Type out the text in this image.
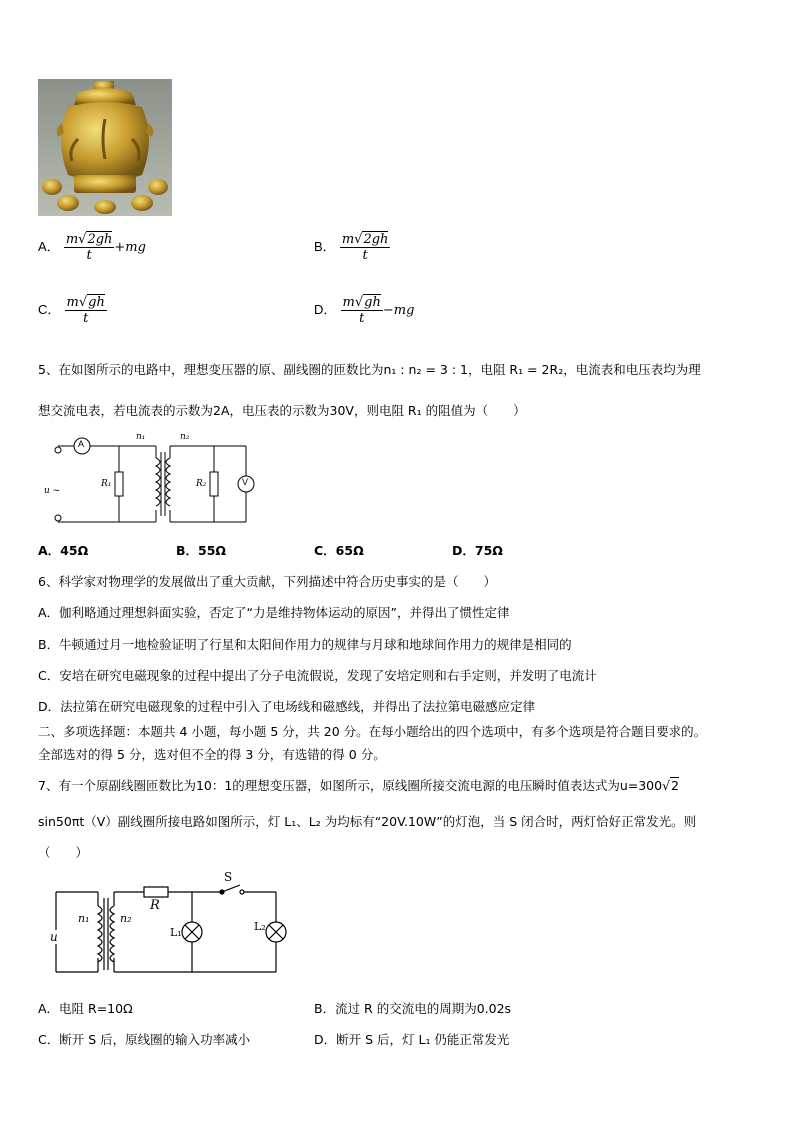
A． $\frac{m√2gh}{t} +mg$	B． $\frac{m√2gh}{t}$
C． $\frac{m√gh}{t}$	D． $\frac{m√gh}{t} -mg$
5、在如图所示的电路中，理想变压器的原、副线圈的匝数比为n₁ : n₂ = 3 : 1，电阻 R₁ = 2R₂，电流表和电压表均为理
想交流电表，若电流表的示数为2A，电压表的示数为30V，则电阻 R₁ 的阻值为（　　）
A
V
n₁	n₂
R₁	R₂
u ~
A．45Ω	B．55Ω	C．65Ω	D．75Ω
6、科学家对物理学的发展做出了重大贡献，下列描述中符合历史事实的是（　　）
A．伽利略通过理想斜面实验，否定了“力是维持物体运动的原因”，并得出了惯性定律
B．牛顿通过月一地检验证明了行星和太阳间作用力的规律与月球和地球间作用力的规律是相同的
C．安培在研究电磁现象的过程中提出了分子电流假说，发现了安培定则和右手定则，并发明了电流计
D．法拉第在研究电磁现象的过程中引入了电场线和磁感线，并得出了法拉第电磁感应定律
二、多项选择题：本题共 4 小题，每小题 5 分，共 20 分。在每小题给出的四个选项中，有多个选项是符合题目要求的。
全部选对的得 5 分，选对但不全的得 3 分，有选错的得 0 分。
7、有一个原副线圈匝数比为10：1的理想变压器，如图所示，原线圈所接交流电源的电压瞬时值表达式为u=300√2
sin50πt（V）副线圈所接电路如图所示，灯 L₁、L₂ 为均标有“20V.10W”的灯泡，当 S 闭合时，两灯恰好正常发光。则
（　　）
S
R
n₁	n₂
u	L₁	L₂
A．电阻 R=10Ω	B．流过 R 的交流电的周期为0.02s
C．断开 S 后，原线圈的输入功率减小	D．断开 S 后，灯 L₁ 仍能正常发光
